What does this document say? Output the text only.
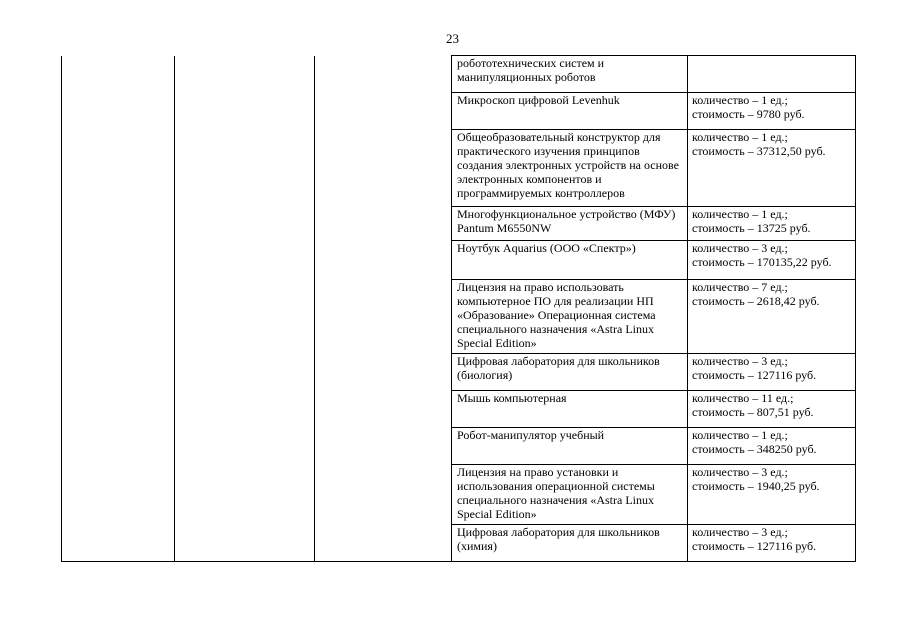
23
			робототехнических систем и манипуляционных роботов	
			Микроскоп цифровой Levenhuk	количество – 1 ед.;
стоимость – 9780 руб.

			Общеобразовательный конструктор для практического изучения принципов создания электронных устройств на основе электронных компонентов и программируемых контроллеров	количество – 1 ед.;
стоимость – 37312,50 руб.

			Многофункциональное устройство (МФУ) Pantum M6550NW	количество – 1 ед.;
стоимость – 13725 руб.

			Ноутбук Aquarius (ООО «Спектр»)	количество – 3 ед.;
стоимость – 170135,22 руб.

			Лицензия на право использовать компьютерное ПО для реализации НП «Образование» Операционная система специального назначения «Astra Linux Special Edition»	количество – 7 ед.;
стоимость – 2618,42 руб.

			Цифровая лаборатория для школьников (биология)	количество – 3 ед.;
стоимость – 127116 руб.

			Мышь компьютерная	количество – 11 ед.;
стоимость – 807,51 руб.

			Робот-манипулятор учебный	количество – 1 ед.;
стоимость – 348250 руб.

			Лицензия на право установки и использования операционной системы специального назначения «Astra Linux Special Edition»	количество – 3 ед.;
стоимость – 1940,25 руб.

			Цифровая лаборатория для школьников (химия)	количество – 3 ед.;
стоимость – 127116 руб.
